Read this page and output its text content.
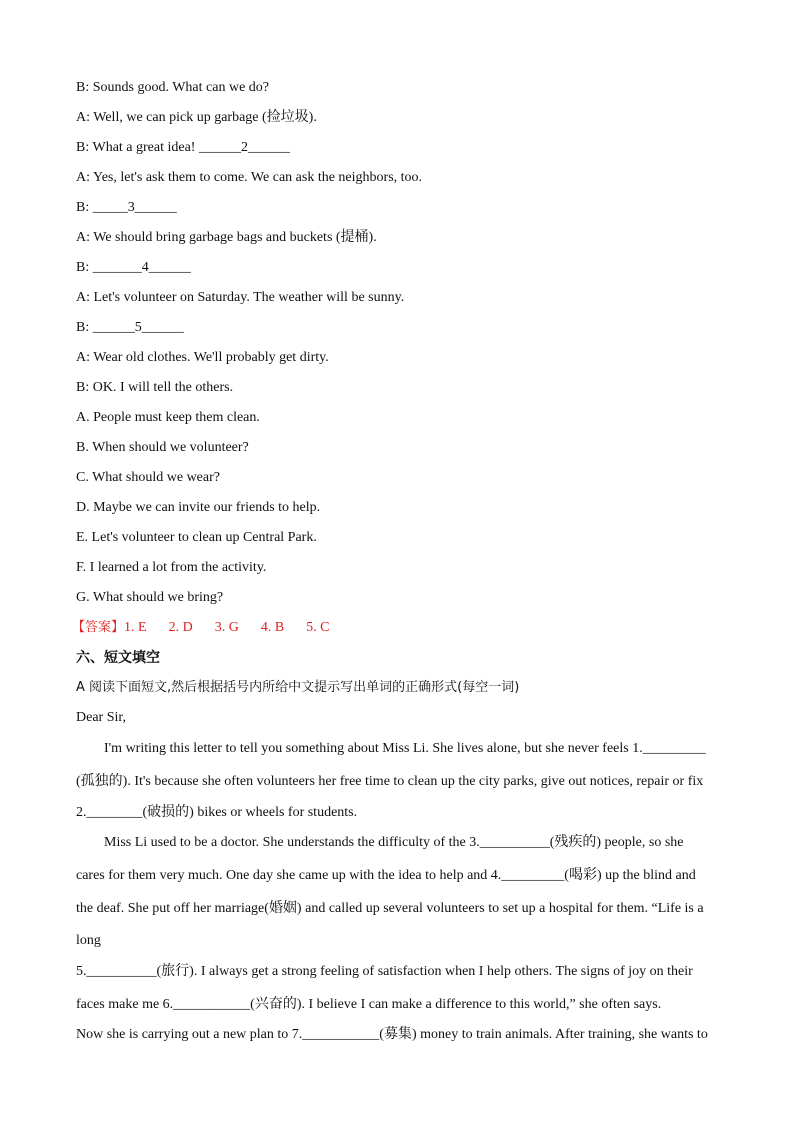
B: Sounds good. What can we do?
A: Well, we can pick up garbage (捡垃圾).
B: What a great idea! ______2______
A: Yes, let's ask them to come. We can ask the neighbors, too.
B: _____3______
A: We should bring garbage bags and buckets (提桶).
B: _______4______
A: Let's volunteer on Saturday. The weather will be sunny.
B: ______5______
A: Wear old clothes. We'll probably get dirty.
B: OK. I will tell the others.
A. People must keep them clean.
B. When should we volunteer?
C. What should we wear?
D. Maybe we can invite our friends to help.
E. Let's volunteer to clean up Central Park.
F. I learned a lot from the activity.
G. What should we bring?
【答案】1. E 2. D 3. G 4. B 5. C
六、短文填空
A 阅读下面短文,然后根据括号内所给中文提示写出单词的正确形式(每空一词)
Dear Sir,
I'm writing this letter to tell you something about Miss Li. She lives alone, but she never feels 1._________
(孤独的). It's because she often volunteers her free time to clean up the city parks, give out notices, repair or fix
2.________(破损的) bikes or wheels for students.
Miss Li used to be a doctor. She understands the difficulty of the 3.__________(残疾的) people, so she
cares for them very much. One day she came up with the idea to help and 4._________(喝彩) up the blind and
the deaf. She put off her marriage(婚姻) and called up several volunteers to set up a hospital for them. “Life is a
long
5.__________(旅行). I always get a strong feeling of satisfaction when I help others. The signs of joy on their
faces make me 6.___________(兴奋的). I believe I can make a difference to this world,” she often says.
Now she is carrying out a new plan to 7.___________(募集) money to train animals. After training, she wants to
